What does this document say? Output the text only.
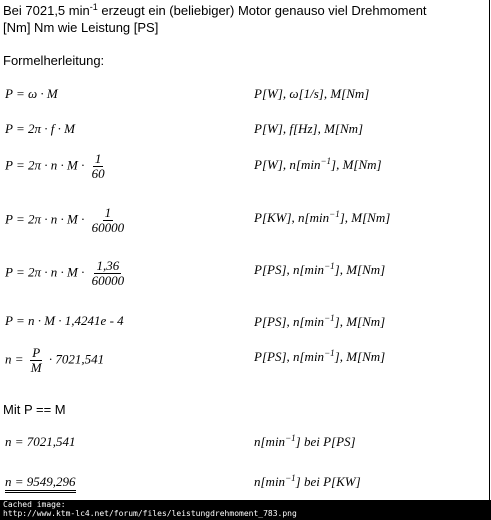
Bei 7021,5 $\min^{-1}$ erzeugt ein (beliebiger) Motor genauso viel Drehmoment
[Nm] Nm wie Leistung [PS]
Formelherleitung:
P = ω · M	P[W], ω[1/s], M[Nm]
P = 2π · f · M	P[W], f[Hz], M[Nm]
$P = 2\pi \cdot n \cdot M \cdot \frac{1}{60}$	P[W], $n[\min^{-1}]$, M[Nm]
$P = 2\pi \cdot n \cdot M \cdot \frac{1}{60000}$	P[KW], $n[\min^{-1}]$, M[Nm]
$P = 2\pi \cdot n \cdot M \cdot \frac{1,36}{60000}$	P[PS], $n[\min^{-1}]$, M[Nm]
P = n · M · 1,4241e - 4	P[PS], $n[\min^{-1}]$, M[Nm]
$n = \frac{P}{M} \cdot 7021,541$	P[PS], $n[\min^{-1}]$, M[Nm]
Mit P == M
n = 7021,541	$n[\min^{-1}]$ bei P[PS]
n = 9549,296	$n[\min^{-1}]$ bei P[KW]
Cached image:
http://www.ktm-lc4.net/forum/files/leistungdrehmoment_783.png
